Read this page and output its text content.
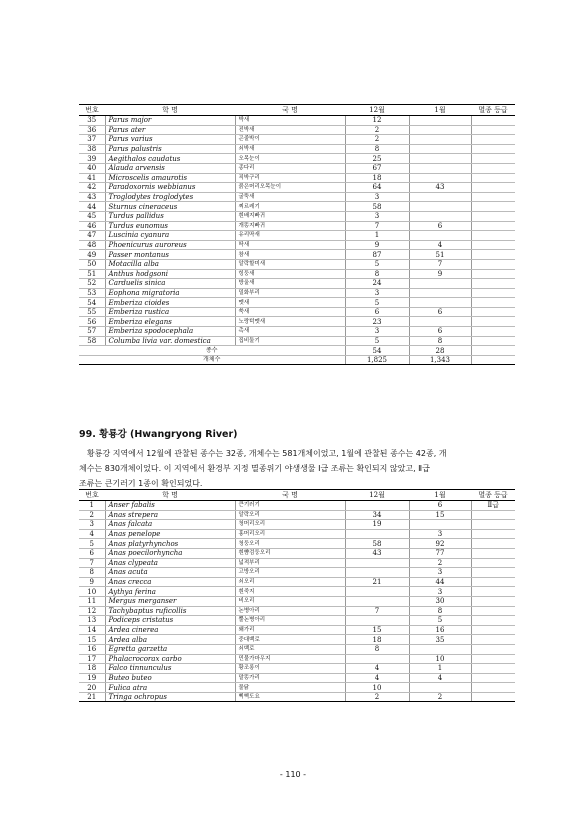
번호	학 명	국 명	12월	1월	멸종 등급
35	Parus major	박새	12		
36	Parus ater	진박새	2		
37	Parus varius	곤줄박이	2		
38	Parus palustris	쇠박새	8		
39	Aegithalos caudatus	오목눈이	25		
40	Alauda arvensis	종다리	67		
41	Microscelis amaurotis	직박구리	18		
42	Paradoxornis webbianus	붉은머리오목눈이	64	43	
43	Troglodytes troglodytes	굴뚝새	3		
44	Sturnus cineraceus	찌르레기	58		
45	Turdus pallidus	흰배지빠귀	3		
46	Turdus eunomus	개똥지빠귀	7	6	
47	Luscinia cyanura	유리딱새	1		
48	Phoenicurus auroreus	딱새	9	4	
49	Passer montanus	참새	87	51	
50	Motacilla alba	알락할미새	5	7	
51	Anthus hodgsoni	힝둥새	8	9	
52	Carduelis sinica	방울새	24		
53	Eophona migratoria	밀화부리	3		
54	Emberiza cioides	멧새	5		
55	Emberiza rustica	쑥새	6	6	
56	Emberiza elegans	노랑턱멧새	23		
57	Emberiza spodocephala	촉새	3	6	
58	Columba livia var. domestica	집비둘기	5	8	
종수			54	28	
개체수			1,825	1,343	
99. 황룡강 (Hwangryong River)
황룡강 지역에서 12월에 관찰된 종수는 32종, 개체수는 581개체이었고, 1월에 관찰된 종수는 42종, 개
체수는 830개체이었다. 이 지역에서 환경부 지정 멸종위기 야생생물 Ⅰ급 조류는 확인되지 않았고, Ⅱ급
조류는 큰기러기 1종이 확인되었다.
번호	학 명	국 명	12월	1월	멸종 등급
1	Anser fabalis	큰기러기		6	Ⅱ급
2	Anas strepera	알락오리	34	15	
3	Anas falcata	청머리오리	19		
4	Anas penelope	홍머리오리		3	
5	Anas platyrhynchos	청둥오리	58	92	
6	Anas poecilorhyncha	흰뺨검둥오리	43	77	
7	Anas clypeata	넓적부리		2	
8	Anas acuta	고방오리		3	
9	Anas crecca	쇠오리	21	44	
10	Aythya ferina	흰죽지		3	
11	Mergus merganser	비오리		30	
12	Tachybaptus ruficollis	논병아리	7	8	
13	Podiceps cristatus	뿔논병아리		5	
14	Ardea cinerea	왜가리	15	16	
15	Ardea alba	중대백로	18	35	
16	Egretta garzetta	쇠백로	8		
17	Phalacrocorax carbo	민물가마우지		10	
18	Falco tinnunculus	황조롱이	4	1	
19	Buteo buteo	말똥가리	4	4	
20	Fulica atra	물닭	10		
21	Tringa ochropus	삑삑도요	2	2	
- 110 -
